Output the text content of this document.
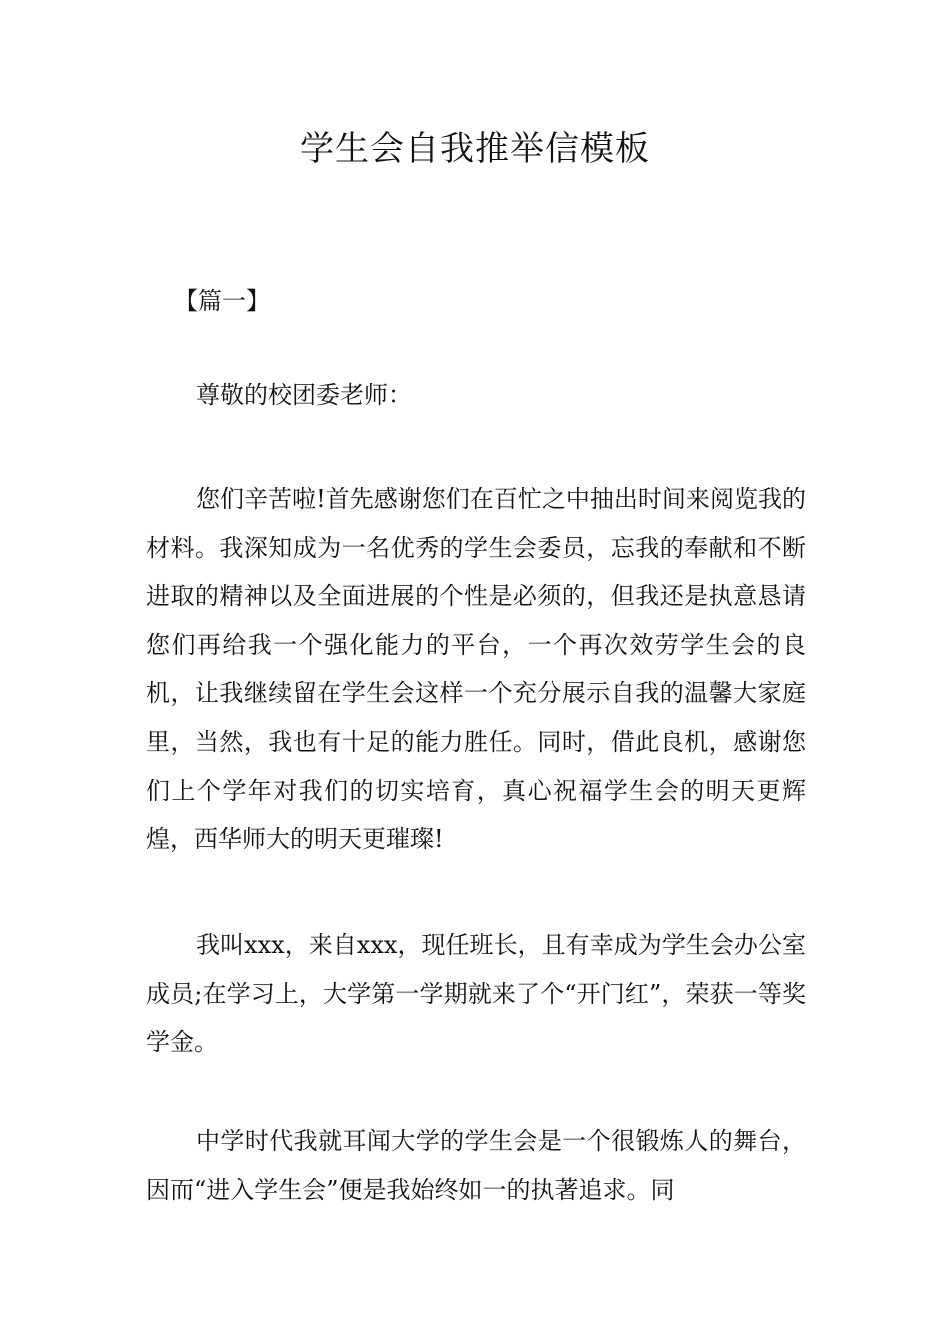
学生会自我推举信模板
【篇一】

尊敬的校团委老师：

您们辛苦啦!首先感谢您们在百忙之中抽出时间来阅览我的材料。我深知成为一名优秀的学生会委员，忘我的奉献和不断进取的精神以及全面进展的个性是必须的，但我还是执意恳请您们再给我一个强化能力的平台，一个再次效劳学生会的良机，让我继续留在学生会这样一个充分展示自我的温馨大家庭里，当然，我也有十足的能力胜任。同时，借此良机，感谢您们上个学年对我们的切实培育，真心祝福学生会的明天更辉煌，西华师大的明天更璀璨!

我叫xxx，来自xxx，现任班长，且有幸成为学生会办公室成员;在学习上，大学第一学期就来了个“开门红”，荣获一等奖学金。

中学时代我就耳闻大学的学生会是一个很锻炼人的舞台，因而“进入学生会”便是我始终如一的执著追求。同
